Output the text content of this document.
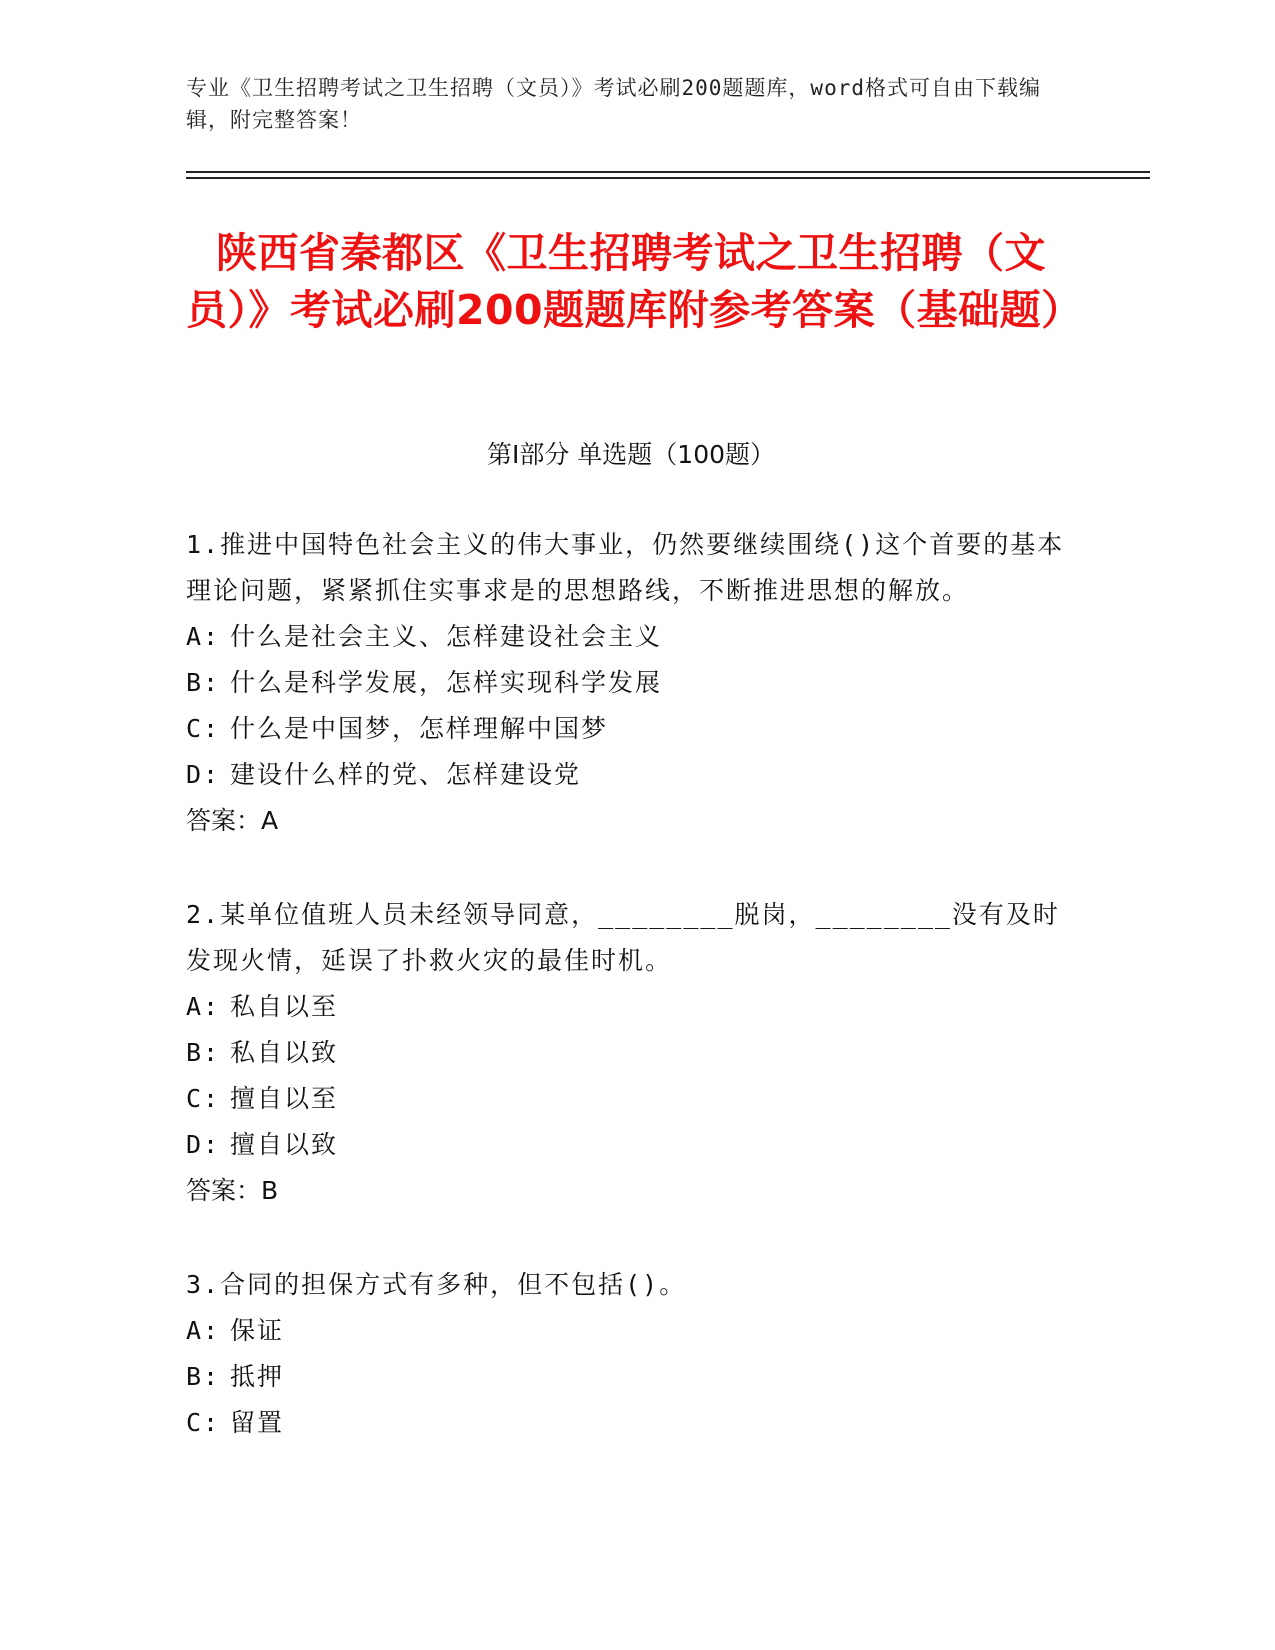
专业《卫生招聘考试之卫生招聘（文员）》考试必刷200题题库，word格式可自由下载编辑，附完整答案！
陕西省秦都区《卫生招聘考试之卫生招聘（文员）》考试必刷200题题库附参考答案（基础题）
第Ⅰ部分 单选题（100题）

1.推进中国特色社会主义的伟大事业，仍然要继续围绕()这个首要的基本理论问题，紧紧抓住实事求是的思想路线，不断推进思想的解放。

A: 什么是社会主义、怎样建设社会主义

B: 什么是科学发展，怎样实现科学发展

C: 什么是中国梦，怎样理解中国梦

D: 建设什么样的党、怎样建设党

答案：A

2.某单位值班人员未经领导同意，________脱岗，________没有及时发现火情，延误了扑救火灾的最佳时机。

A: 私自以至

B: 私自以致

C: 擅自以至

D: 擅自以致

答案：B

3.合同的担保方式有多种，但不包括()。

A: 保证

B: 抵押

C: 留置
